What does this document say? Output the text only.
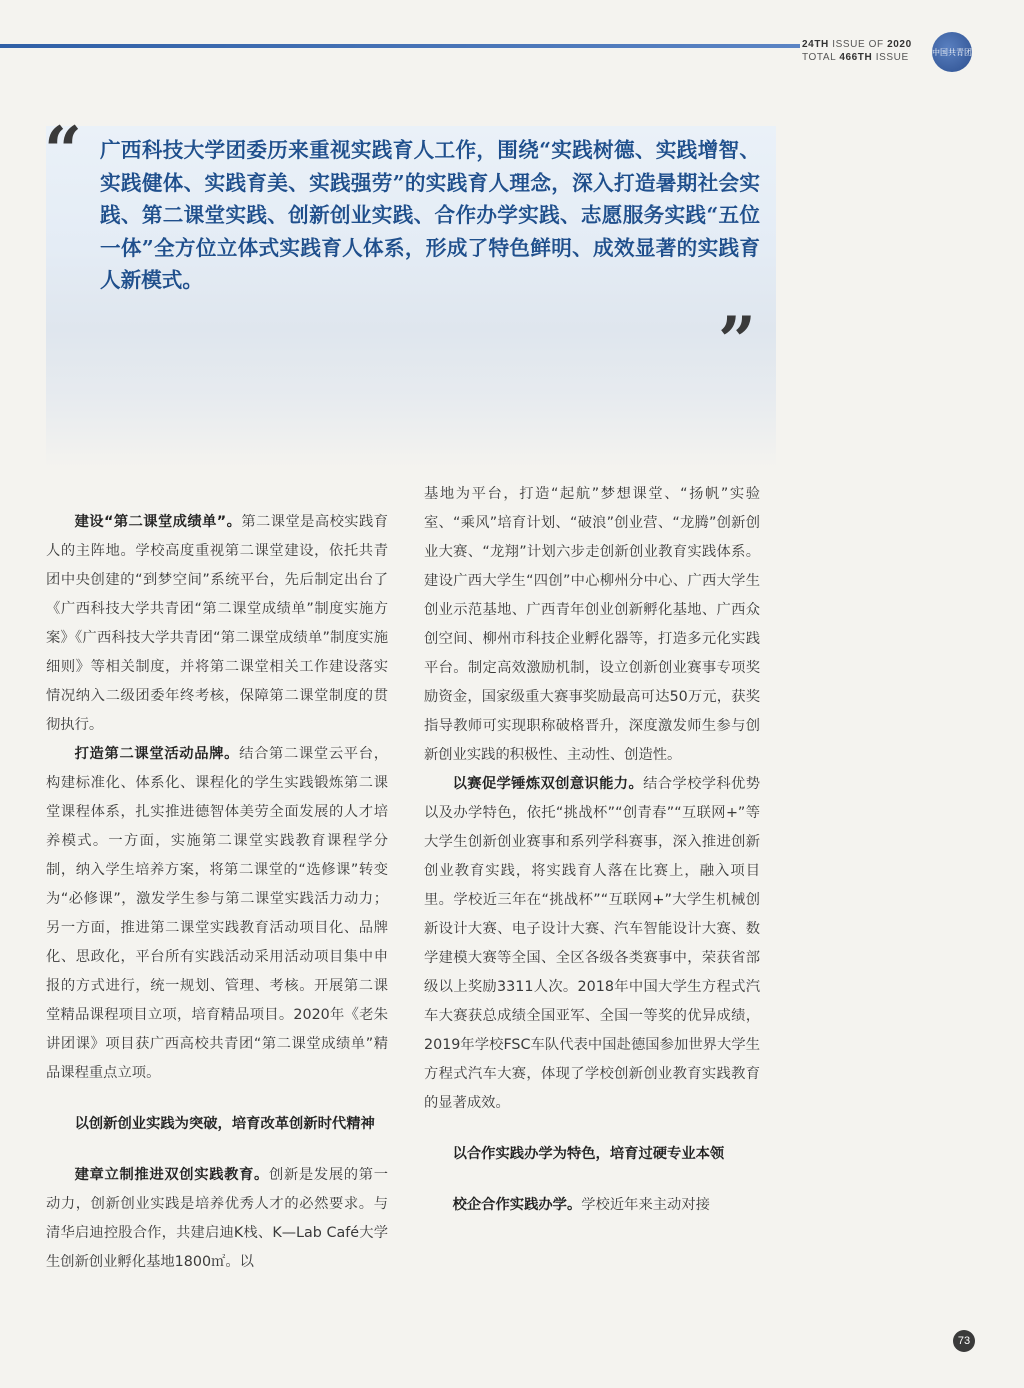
24TH ISSUE OF 2020
TOTAL 466TH ISSUE	中国共青团
“ 广西科技大学团委历来重视实践育人工作，围绕“实践树德、实践增智、实践健体、实践育美、实践强劳”的实践育人理念，深入打造暑期社会实践、第二课堂实践、创新创业实践、合作办学实践、志愿服务实践“五位一体”全方位立体式实践育人体系，形成了特色鲜明、成效显著的实践育人新模式。

”

建设“第二课堂成绩单”。第二课堂是高校实践育人的主阵地。学校高度重视第二课堂建设，依托共青团中央创建的“到梦空间”系统平台，先后制定出台了《广西科技大学共青团“第二课堂成绩单”制度实施方案》《广西科技大学共青团“第二课堂成绩单”制度实施细则》等相关制度，并将第二课堂相关工作建设落实情况纳入二级团委年终考核，保障第二课堂制度的贯彻执行。

打造第二课堂活动品牌。结合第二课堂云平台，构建标准化、体系化、课程化的学生实践锻炼第二课堂课程体系，扎实推进德智体美劳全面发展的人才培养模式。一方面，实施第二课堂实践教育课程学分制，纳入学生培养方案，将第二课堂的“选修课”转变为“必修课”，激发学生参与第二课堂实践活力动力；另一方面，推进第二课堂实践教育活动项目化、品牌化、思政化，平台所有实践活动采用活动项目集中申报的方式进行，统一规划、管理、考核。开展第二课堂精品课程项目立项，培育精品项目。2020年《老朱讲团课》项目获广西高校共青团“第二课堂成绩单”精品课程重点立项。

以创新创业实践为突破，培育改革创新时代精神

建章立制推进双创实践教育。创新是发展的第一动力，创新创业实践是培养优秀人才的必然要求。与清华启迪控股合作，共建启迪K栈、K—Lab Café大学生创新创业孵化基地1800㎡。以

基地为平台，打造“起航”梦想课堂、“扬帆”实验室、“乘风”培育计划、“破浪”创业营、“龙腾”创新创业大赛、“龙翔”计划六步走创新创业教育实践体系。建设广西大学生“四创”中心柳州分中心、广西大学生创业示范基地、广西青年创业创新孵化基地、广西众创空间、柳州市科技企业孵化器等，打造多元化实践平台。制定高效激励机制，设立创新创业赛事专项奖励资金，国家级重大赛事奖励最高可达50万元，获奖指导教师可实现职称破格晋升，深度激发师生参与创新创业实践的积极性、主动性、创造性。

以赛促学锤炼双创意识能力。结合学校学科优势以及办学特色，依托“挑战杯”“创青春”“互联网+”等大学生创新创业赛事和系列学科赛事，深入推进创新创业教育实践，将实践育人落在比赛上，融入项目里。学校近三年在“挑战杯”“互联网+”大学生机械创新设计大赛、电子设计大赛、汽车智能设计大赛、数学建模大赛等全国、全区各级各类赛事中，荣获省部级以上奖励3311人次。2018年中国大学生方程式汽车大赛获总成绩全国亚军、全国一等奖的优异成绩，2019年学校FSC车队代表中国赴德国参加世界大学生方程式汽车大赛，体现了学校创新创业教育实践教育的显著成效。

以合作实践办学为特色，培育过硬专业本领

校企合作实践办学。学校近年来主动对接

73
